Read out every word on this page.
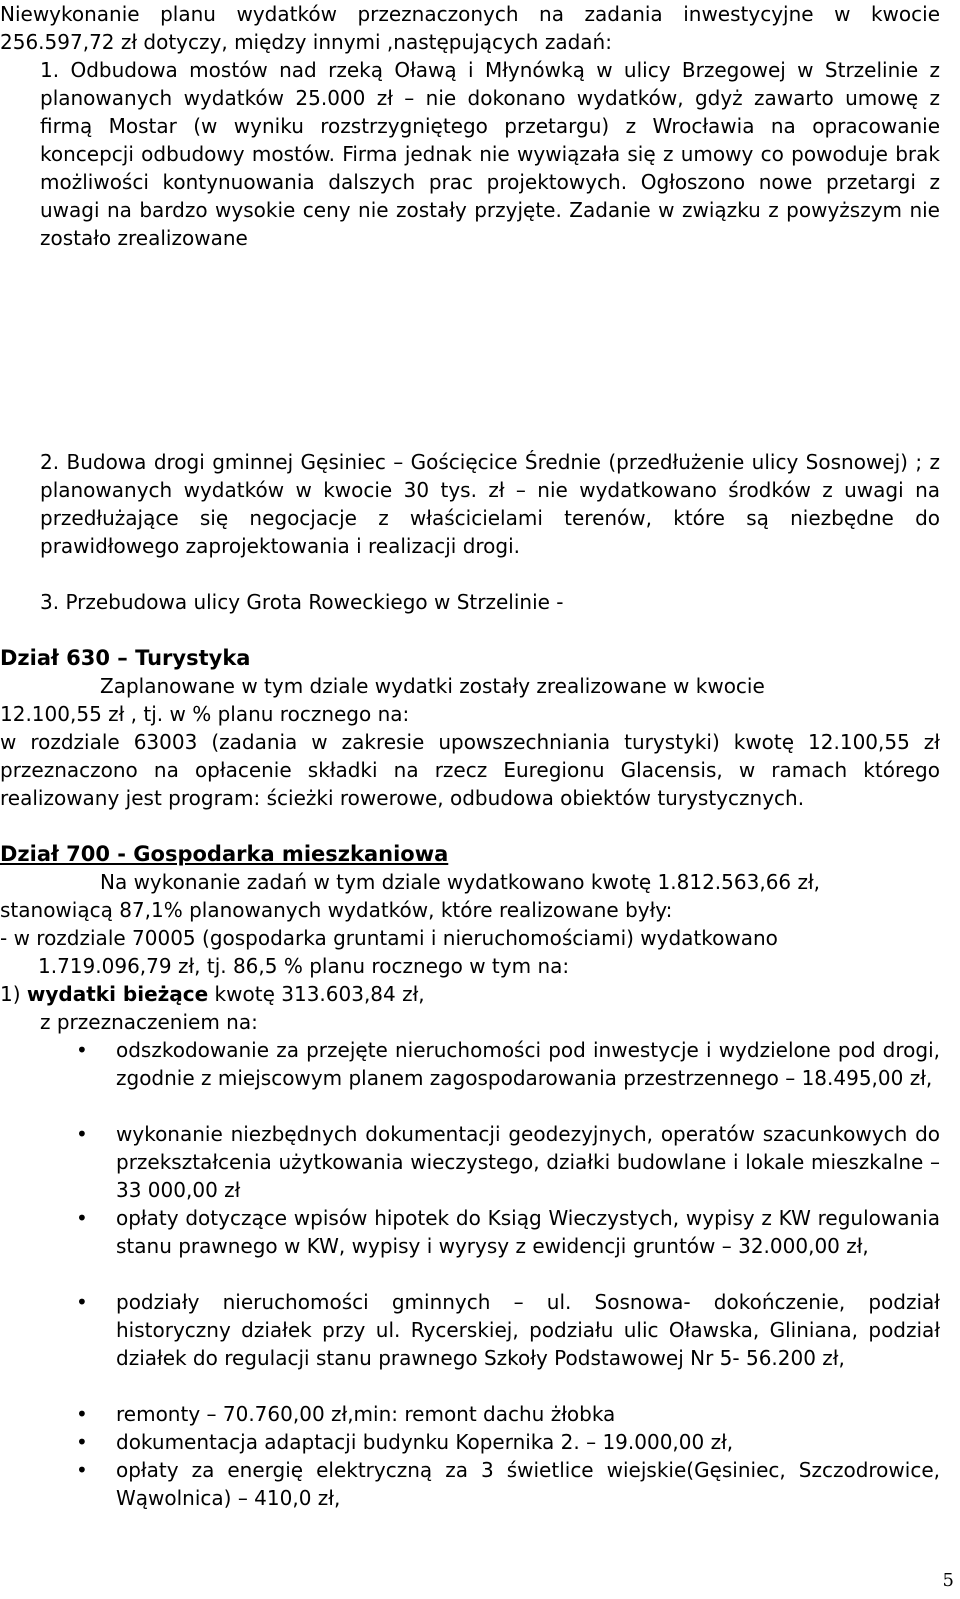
Niewykonanie planu wydatków przeznaczonych na zadania inwestycyjne w kwocie 256.597,72 zł dotyczy, między innymi ,następujących zadań:

1. Odbudowa mostów nad rzeką Oławą i Młynówką w ulicy Brzegowej w Strzelinie z planowanych wydatków 25.000 zł – nie dokonano wydatków, gdyż zawarto umowę z firmą Mostar (w wyniku rozstrzygniętego przetargu) z Wrocławia na opracowanie koncepcji odbudowy mostów. Firma jednak nie wywiązała się z umowy co powoduje brak możliwości kontynuowania dalszych prac projektowych. Ogłoszono nowe przetargi z uwagi na bardzo wysokie ceny nie zostały przyjęte. Zadanie w związku z powyższym nie zostało zrealizowane

2. Budowa drogi gminnej Gęsiniec – Gościęcice Średnie (przedłużenie ulicy Sosnowej) ; z planowanych wydatków w kwocie 30 tys. zł – nie wydatkowano środków z uwagi na przedłużające się negocjacje z właścicielami terenów, które są niezbędne do prawidłowego zaprojektowania i realizacji drogi.

3. Przebudowa ulicy Grota Roweckiego w Strzelinie -

Dział 630 – Turystyka

Zaplanowane w tym dziale wydatki zostały zrealizowane w kwocie

12.100,55 zł , tj. w % planu rocznego na:

w rozdziale 63003 (zadania w zakresie upowszechniania turystyki) kwotę 12.100,55 zł przeznaczono na opłacenie składki na rzecz Euregionu Glacensis, w ramach którego realizowany jest program: ścieżki rowerowe, odbudowa obiektów turystycznych.

Dział 700 - Gospodarka mieszkaniowa

Na wykonanie zadań w tym dziale wydatkowano kwotę 1.812.563,66 zł,

stanowiącą 87,1% planowanych wydatków, które realizowane były:

- w rozdziale 70005 (gospodarka gruntami i nieruchomościami) wydatkowano

1.719.096,79 zł, tj. 86,5 % planu rocznego w tym na:

1) wydatki bieżące kwotę 313.603,84 zł,

z przeznaczeniem na:

• odszkodowanie za przejęte nieruchomości pod inwestycje i wydzielone pod drogi, zgodnie z miejscowym planem zagospodarowania przestrzennego – 18.495,00 zł,

• wykonanie niezbędnych dokumentacji geodezyjnych, operatów szacunkowych do przekształcenia użytkowania wieczystego, działki budowlane i lokale mieszkalne – 33 000,00 zł

• opłaty dotyczące wpisów hipotek do Ksiąg Wieczystych, wypisy z KW regulowania stanu prawnego w KW, wypisy i wyrysy z ewidencji gruntów – 32.000,00 zł,

• podziały nieruchomości gminnych – ul. Sosnowa- dokończenie, podział historyczny działek przy ul. Rycerskiej, podziału ulic Oławska, Gliniana, podział działek do regulacji stanu prawnego Szkoły Podstawowej Nr 5- 56.200 zł,

• remonty – 70.760,00 zł,min: remont dachu żłobka

• dokumentacja adaptacji budynku Kopernika 2. – 19.000,00 zł,

• opłaty za energię elektryczną za 3 świetlice wiejskie(Gęsiniec, Szczodrowice, Wąwolnica) – 410,0 zł,

5
